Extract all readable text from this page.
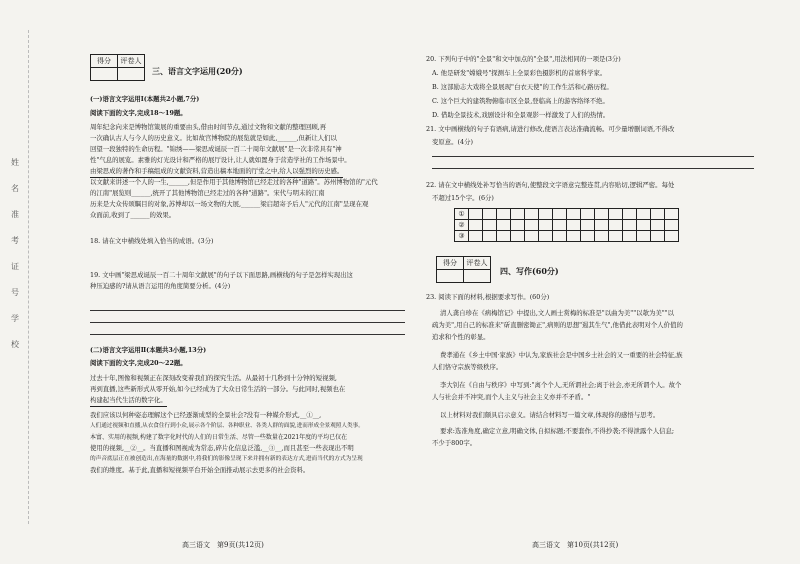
姓
名
准
考
证
号
学
校
得分	评卷人

三、语言文字运用(20分)
(一)语言文字运用Ⅰ(本题共2小题,7分)
阅读下面的文字,完成18～19题。
周年纪念向来是博物馆策展的重要由头,借由时间节点,通过文物和文献的整理回顾,再
一次确认古人与今人的历史意义。比如故宫博物院的展览就是如此,______,但新让人们以
回望一段独特的生命历程。"锦绣——梁思成诞辰一百二十周年文献展"是一次非常具有"神
性"气息的展览。素雅的灯光设计和严格的展厅设计,让人就如置身于营造学社的工作场景中。
由梁思成的著作和手稿组成的文献资料,营造出稿本地面的厅堂之中,给人以强烈的历史感。
以文献来讲述一个人的一生,______,但是作用于其他博物馆已经走过的各种"道路"。苏州博物馆的"元代
的江南"展览则______,统开了其他博物馆已经走过的各种"道路"。宋代与明末的江南
历来是大众传颂瞩目的对象,苏博却以一场文物的大展,______梁启超寄予后人"元代的江南"呈现在观
众面前,收到了______的效果。
18. 请在文中横线处填入恰当的成语。(3分)
19. 文中画"梁思成诞辰一百二十周年文献展"的句子以下面思路,画横线的句子是怎样实现出这
种压迫感的?请从语言运用的角度简要分析。(4分)
(二)语言文字运用Ⅱ(本题共3小题,13分)
阅读下面的文字,完成20～22题。
过去十年,图像和视频正在深刻改变着我们的探究生活。从最初十几秒到十分钟的短视频,
再到直播,这些新形式从零开始,如今已经成为了大众日常生活的一部分。与此同时,视频也在
构建起当代生活的数字化。
我们应该以何种姿态理解这个已经逐渐成型的全景社会?没有一种媒介形式,__①__,
人们通过视频和直播,从衣食住行到小众,展示各个阶层、各种职业、各类人群的面貌,进而形成全景观照人类事。
本富、实用的视频,构建了数字化时代的人们的日常生活、尽管一些数量在2021年度的平均已仅在
使用的视频,__②__。当直播和图视成为常态,碎片化信息泛滥,__③__,而且甚至一些表现出不明
的声音底层正在被创造出,在海量的数据中,将我们的影像呈现下来并拥有新的表达方式,进而当代的方式为呈现
我们的维度。基于此,直播和短视频平台开始全面推动展示去更多的社会资料。
高三语文　第9页(共12页)
20. 下列句子中的"全景"和文中加点的"全景",用法相同的一项是(3分)
A. 他是研发"嫦娥号"探测车上全景彩色摄影机的首席科学家。
B. 这部励志大戏将全景展现"白衣天使"的工作生活和心路历程。
C. 这个巨大的建筑物俯临市区全景,登临高上的游客络绎不绝。
D. 借助全景技术,戏剧设计和全景观影一样激发了人们的热情。
21. 文中画横线的句子有语病,请进行修改,使语言表达准确流畅。可少量增删词语,不得改
变原意。(4分)
22. 请在文中横线处补写恰当的语句,使整段文字语意完整连贯,内容贴切,逻辑严密。每处
不超过15个字。(6分)
①															
②															
③															
得分	评卷人

四、写作(60分)
23. 阅读下面的材料,根据要求写作。(60分)
清人龚自珍在《病梅馆记》中提出,文人画士赏梅的标准是"以曲为美""以欹为美""以
疏为美",用自己的标准来"斫直删密锄正",病则的思想"遏其生气",他借此表明对个人价值的
追求和个性的彰显。
费孝通在《乡土中国·家族》中认为,家族社会是中国乡土社会的又一重要的社会特征,族
人们恪守宗族等级秩序。
李大钊在《自由与秩序》中写到:"离个个人,无所谓社会;离于社会,亦无所谓个人。故个
人与社会并不冲突,而个人主义与社会主义亦并不矛盾。"
以上材料对我们颇具启示意义。请结合材料写一篇文章,体现你的感悟与思考。
要求:选准角度,确定立意,明确文体,自拟标题;不要套作,不得抄袭;不得泄露个人信息;
不少于800字。
高三语文　第10页(共12页)
